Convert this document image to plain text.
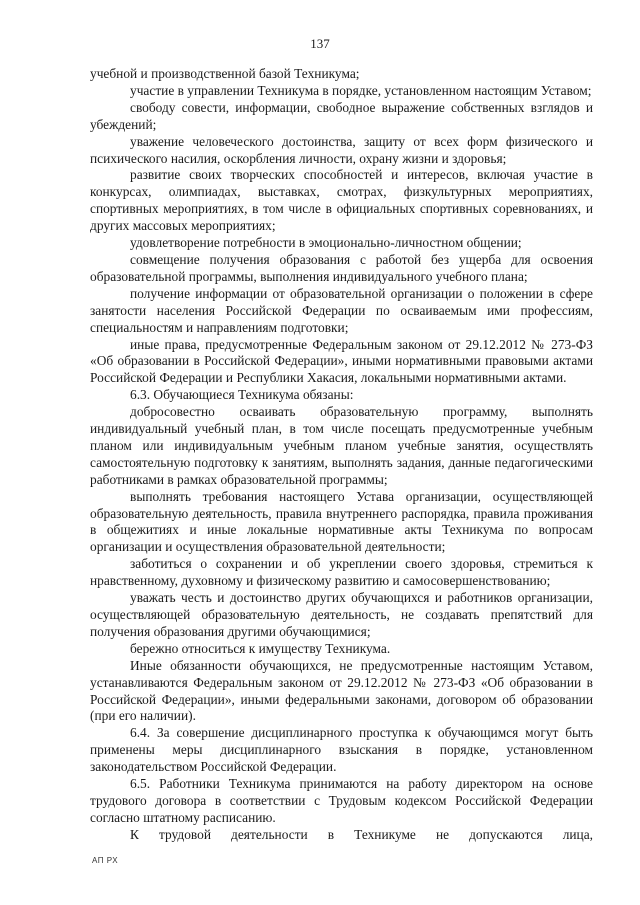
137

учебной и производственной базой Техникума;

участие в управлении Техникума в порядке, установленном настоящим Уставом;

свободу совести, информации, свободное выражение собственных взглядов и убеждений;

уважение человеческого достоинства, защиту от всех форм физического и психического насилия, оскорбления личности, охрану жизни и здоровья;

развитие своих творческих способностей и интересов, включая участие в конкурсах, олимпиадах, выставках, смотрах, физкультурных мероприятиях, спортивных мероприятиях, в том числе в официальных спортивных соревнованиях, и других массовых мероприятиях;

удовлетворение потребности в эмоционально-личностном общении;

совмещение получения образования с работой без ущерба для освоения образовательной программы, выполнения индивидуального учебного плана;

получение информации от образовательной организации о положении в сфере занятости населения Российской Федерации по осваиваемым ими профессиям, специальностям и направлениям подготовки;

иные права, предусмотренные Федеральным законом от 29.12.2012 № 273-ФЗ «Об образовании в Российской Федерации», иными нормативными правовыми актами Российской Федерации и Республики Хакасия, локальными нормативными актами.

6.3. Обучающиеся Техникума обязаны:

добросовестно осваивать образовательную программу, выполнять индивидуальный учебный план, в том числе посещать предусмотренные учебным планом или индивидуальным учебным планом учебные занятия, осуществлять самостоятельную подготовку к занятиям, выполнять задания, данные педагогическими работниками в рамках образовательной программы;

выполнять требования настоящего Устава организации, осуществляющей образовательную деятельность, правила внутреннего распорядка, правила проживания в общежитиях и иные локальные нормативные акты Техникума по вопросам организации и осуществления образовательной деятельности;

заботиться о сохранении и об укреплении своего здоровья, стремиться к нравственному, духовному и физическому развитию и самосовершенствованию;

уважать честь и достоинство других обучающихся и работников организации, осуществляющей образовательную деятельность, не создавать препятствий для получения образования другими обучающимися;

бережно относиться к имуществу Техникума.

Иные обязанности обучающихся, не предусмотренные настоящим Уставом, устанавливаются Федеральным законом от 29.12.2012 № 273-ФЗ «Об образовании в Российской Федерации», иными федеральными законами, договором об образовании (при его наличии).

6.4. За совершение дисциплинарного проступка к обучающимся могут быть применены меры дисциплинарного взыскания в порядке, установленном законодательством Российской Федерации.

6.5. Работники Техникума принимаются на работу директором на основе трудового договора в соответствии с Трудовым кодексом Российской Федерации согласно штатному расписанию.

К трудовой деятельности в Техникуме не допускаются лица,

АП РХ
